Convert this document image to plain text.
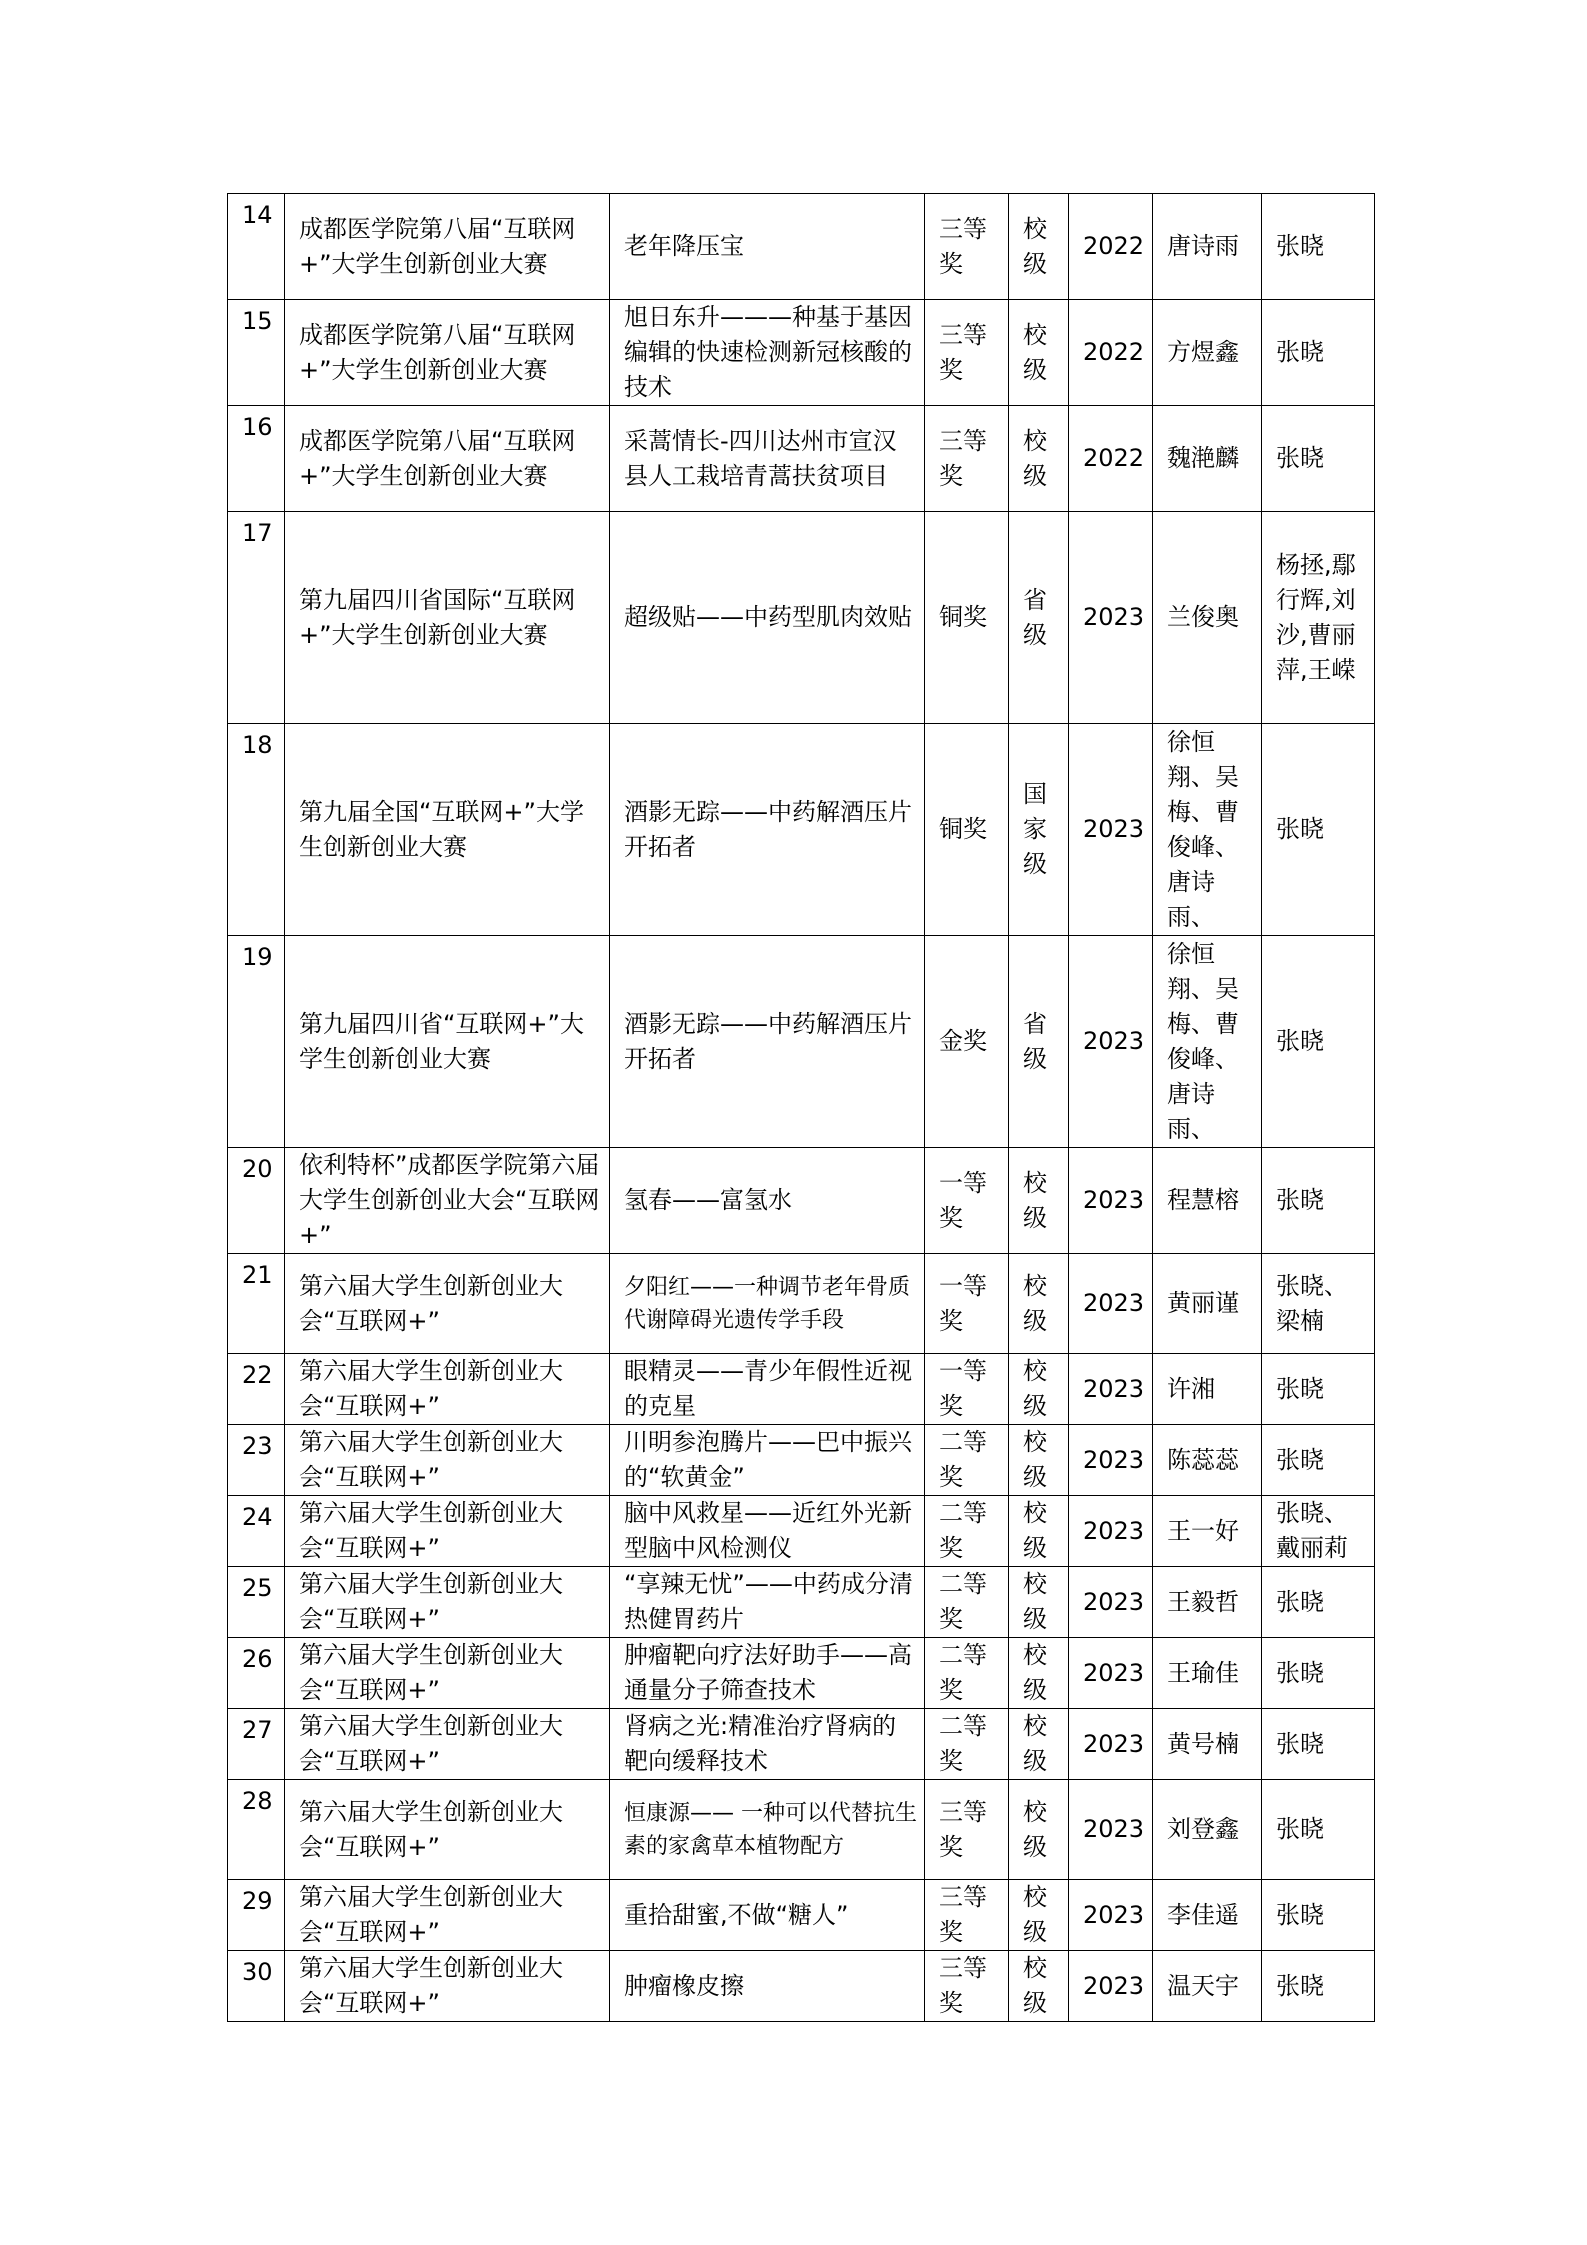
14	成都医学院第八届“互联网+”大学生创新创业大赛	老年降压宝	三等奖	校级	2022	唐诗雨	张晓
15	成都医学院第八届“互联网+”大学生创新创业大赛	旭日东升———种基于基因编辑的快速检测新冠核酸的技术	三等奖	校级	2022	方煜鑫	张晓
16	成都医学院第八届“互联网+”大学生创新创业大赛	采蒿情长-四川达州市宣汉县人工栽培青蒿扶贫项目	三等奖	校级	2022	魏滟麟	张晓
17	第九届四川省国际“互联网+”大学生创新创业大赛	超级贴——中药型肌肉效贴	铜奖	省级	2023	兰俊奥	杨拯,鄢行辉,刘沙,曹丽萍,王嵘
18	第九届全国“互联网+”大学生创新创业大赛	酒影无踪——中药解酒压片开拓者	铜奖	国家级	2023	徐恒翔、吴梅、曹俊峰、唐诗雨、	张晓
19	第九届四川省“互联网+”大学生创新创业大赛	酒影无踪——中药解酒压片开拓者	金奖	省级	2023	徐恒翔、吴梅、曹俊峰、唐诗雨、	张晓
20	依利特杯”成都医学院第六届大学生创新创业大会“互联网+”	氢春——富氢水	一等奖	校级	2023	程慧榕	张晓
21	第六届大学生创新创业大会“互联网+”	夕阳红——一种调节老年骨质代谢障碍光遗传学手段	一等奖	校级	2023	黄丽谨	张晓、梁楠
22	第六届大学生创新创业大会“互联网+”	眼精灵——青少年假性近视的克星	一等奖	校级	2023	许湘	张晓
23	第六届大学生创新创业大会“互联网+”	川明参泡腾片——巴中振兴的“软黄金”	二等奖	校级	2023	陈蕊蕊	张晓
24	第六届大学生创新创业大会“互联网+”	脑中风救星——近红外光新型脑中风检测仪	二等奖	校级	2023	王一好	张晓、戴丽莉
25	第六届大学生创新创业大会“互联网+”	“享辣无忧”——中药成分清热健胃药片	二等奖	校级	2023	王毅哲	张晓
26	第六届大学生创新创业大会“互联网+”	肿瘤靶向疗法好助手——高通量分子筛查技术	二等奖	校级	2023	王瑜佳	张晓
27	第六届大学生创新创业大会“互联网+”	肾病之光:精准治疗肾病的靶向缓释技术	二等奖	校级	2023	黄号楠	张晓
28	第六届大学生创新创业大会“互联网+”	恒康源—— 一种可以代替抗生素的家禽草本植物配方	三等奖	校级	2023	刘登鑫	张晓
29	第六届大学生创新创业大会“互联网+”	重拾甜蜜,不做“糖人”	三等奖	校级	2023	李佳遥	张晓
30	第六届大学生创新创业大会“互联网+”	肿瘤橡皮擦	三等奖	校级	2023	温天宇	张晓
